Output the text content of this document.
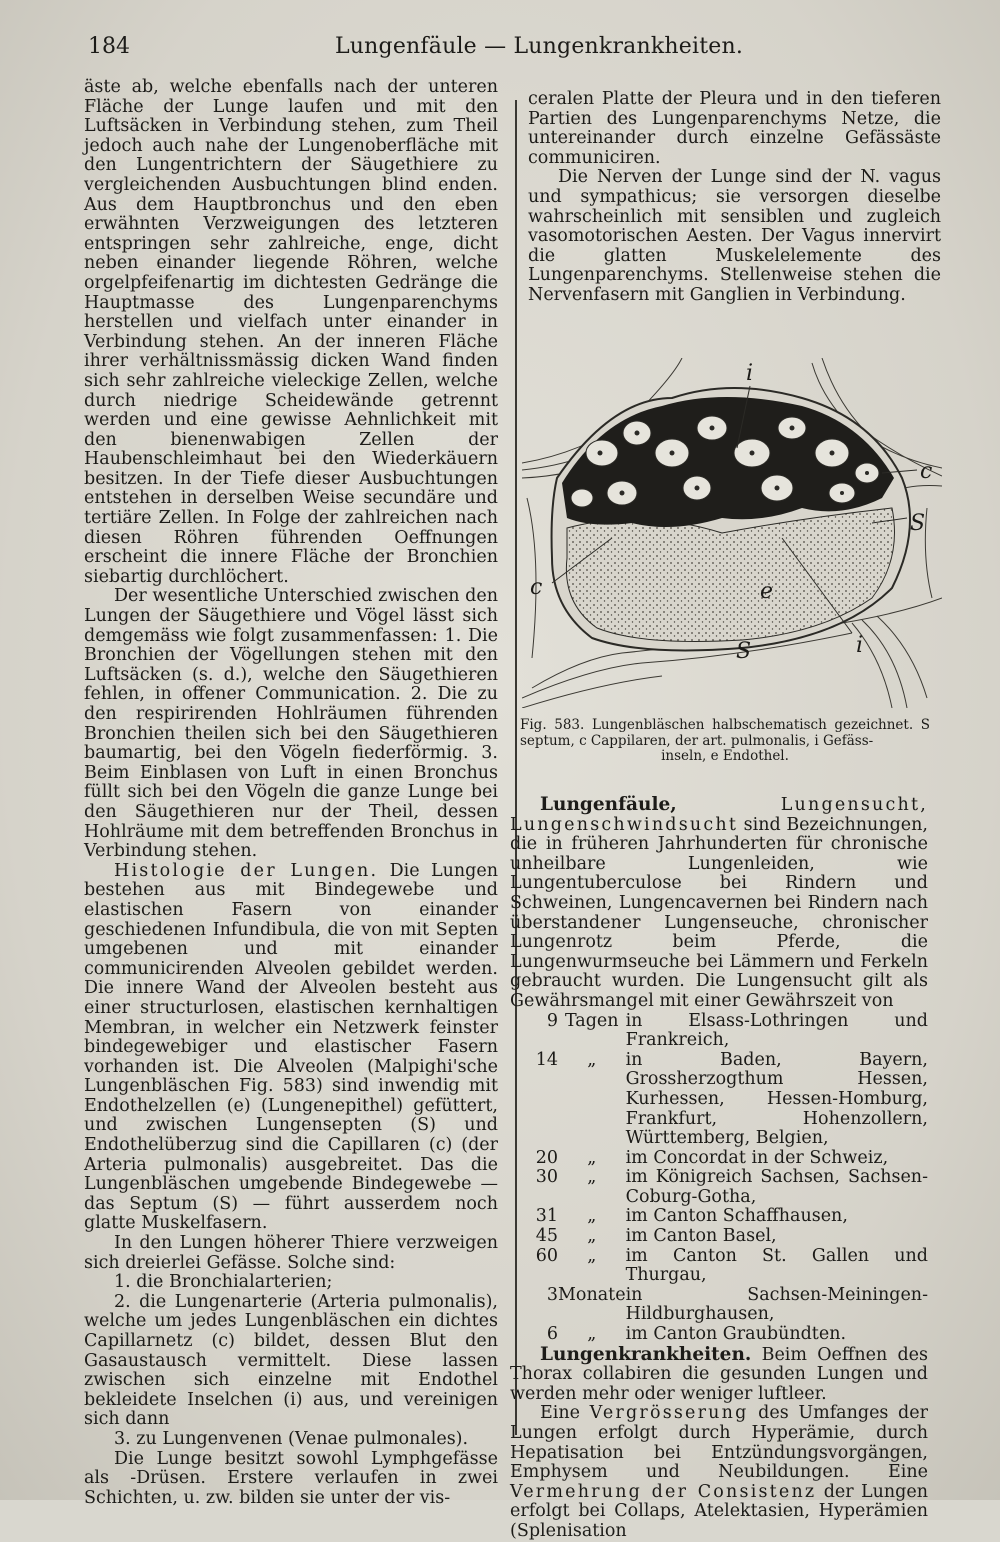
184	Lungenfäule — Lungenkrankheiten.

äste ab, welche ebenfalls nach der unteren Fläche der Lunge laufen und mit den Luftsäcken in Verbindung stehen, zum Theil jedoch auch nahe der Lungenoberfläche mit den Lungentrichtern der Säugethiere zu vergleichenden Ausbuchtungen blind enden. Aus dem Hauptbronchus und den eben erwähnten Verzweigungen des letzteren entspringen sehr zahlreiche, enge, dicht neben einander liegende Röhren, welche orgelpfeifenartig im dichtesten Gedränge die Hauptmasse des Lungenparenchyms herstellen und vielfach unter einander in Verbindung stehen. An der inneren Fläche ihrer verhältnissmässig dicken Wand finden sich sehr zahlreiche vieleckige Zellen, welche durch niedrige Scheidewände getrennt werden und eine gewisse Aehnlichkeit mit den bienenwabigen Zellen der Haubenschleimhaut bei den Wiederkäuern besitzen. In der Tiefe dieser Ausbuchtungen entstehen in derselben Weise secundäre und tertiäre Zellen. In Folge der zahlreichen nach diesen Röhren führenden Oeffnungen erscheint die innere Fläche der Bronchien siebartig durchlöchert.

Der wesentliche Unterschied zwischen den Lungen der Säugethiere und Vögel lässt sich demgemäss wie folgt zusammenfassen: 1. Die Bronchien der Vögellungen stehen mit den Luftsäcken (s. d.), welche den Säugethieren fehlen, in offener Communication. 2. Die zu den respirirenden Hohlräumen führenden Bronchien theilen sich bei den Säugethieren baumartig, bei den Vögeln fiederförmig. 3. Beim Einblasen von Luft in einen Bronchus füllt sich bei den Vögeln die ganze Lunge bei den Säugethieren nur der Theil, dessen Hohlräume mit dem betreffenden Bronchus in Verbindung stehen.

Histologie der Lungen. Die Lungen bestehen aus mit Bindegewebe und elastischen Fasern von einander geschiedenen Infundibula, die von mit Septen umgebenen und mit einander communicirenden Alveolen gebildet werden. Die innere Wand der Alveolen besteht aus einer structurlosen, elastischen kernhaltigen Membran, in welcher ein Netzwerk feinster bindegewebiger und elastischer Fasern vorhanden ist. Die Alveolen (Malpighi'sche Lungenbläschen Fig. 583) sind inwendig mit Endothelzellen (e) (Lungenepithel) gefüttert, und zwischen Lungensepten (S) und Endothelüberzug sind die Capillaren (c) (der Arteria pulmonalis) ausgebreitet. Das die Lungenbläschen umgebende Bindegewebe — das Septum (S) — führt ausserdem noch glatte Muskelfasern.

In den Lungen höherer Thiere verzweigen sich dreierlei Gefässe. Solche sind:

1. die Bronchialarterien;

2. die Lungenarterie (Arteria pulmonalis), welche um jedes Lungenbläschen ein dichtes Capillarnetz (c) bildet, dessen Blut den Gasaustausch vermittelt. Diese lassen zwischen sich einzelne mit Endothel bekleidete Inselchen (i) aus, und vereinigen sich dann

3. zu Lungenvenen (Venae pulmonales).

Die Lunge besitzt sowohl Lymphgefässe als -Drüsen. Erstere verlaufen in zwei Schichten, u. zw. bilden sie unter der vis-

ceralen Platte der Pleura und in den tieferen Partien des Lungenparenchyms Netze, die untereinander durch einzelne Gefässäste communiciren.

Die Nerven der Lunge sind der N. vagus und sympathicus; sie versorgen dieselbe wahrscheinlich mit sensiblen und zugleich vasomotorischen Aesten. Der Vagus innervirt die glatten Muskelelemente des Lungenparenchyms. Stellenweise stehen die Nervenfasern mit Ganglien in Verbindung.

i
c
S
c	e
S	i
Fig. 583. Lungenbläschen halbschematisch gezeichnet. S septum, c Cappilaren, der art. pulmonalis, i Gefäss-
inseln, e Endothel.

Lungenfäule,	Lungensucht, Lungenschwindsucht sind Bezeichnungen, die in früheren Jahrhunderten für chronische unheilbare Lungenleiden, wie Lungentuberculose bei Rindern und Schweinen, Lungencavernen bei Rindern nach überstandener Lungenseuche, chronischer Lungenrotz beim Pferde, die Lungenwurmseuche bei Lämmern und Ferkeln gebraucht wurden. Die Lungensucht gilt als Gewährsmangel mit einer Gewährszeit von

9	Tagen	in Elsass-Lothringen und Frankreich,
14	„	in Baden, Bayern, Grossherzogthum Hessen, Kurhessen, Hessen-Homburg, Frankfurt, Hohenzollern, Württemberg, Belgien,
20	„	im Concordat in der Schweiz,
30	„	im Königreich Sachsen, Sachsen-Coburg-Gotha,
31	„	im Canton Schaffhausen,
45	„	im Canton Basel,
60	„	im Canton St. Gallen und Thurgau,
3	Monate	in Sachsen-Meiningen-Hildburghausen,
6	„	im Canton Graubündten.

Lungenkrankheiten. Beim Oeffnen des Thorax collabiren die gesunden Lungen und werden mehr oder weniger luftleer.

Eine Vergrösserung des Umfanges der Lungen erfolgt durch Hyperämie, durch Hepatisation bei Entzündungsvorgängen, Emphysem und Neubildungen. Eine Vermehrung der Consistenz der Lungen erfolgt bei Collaps, Atelektasien, Hyperämien (Splenisation
